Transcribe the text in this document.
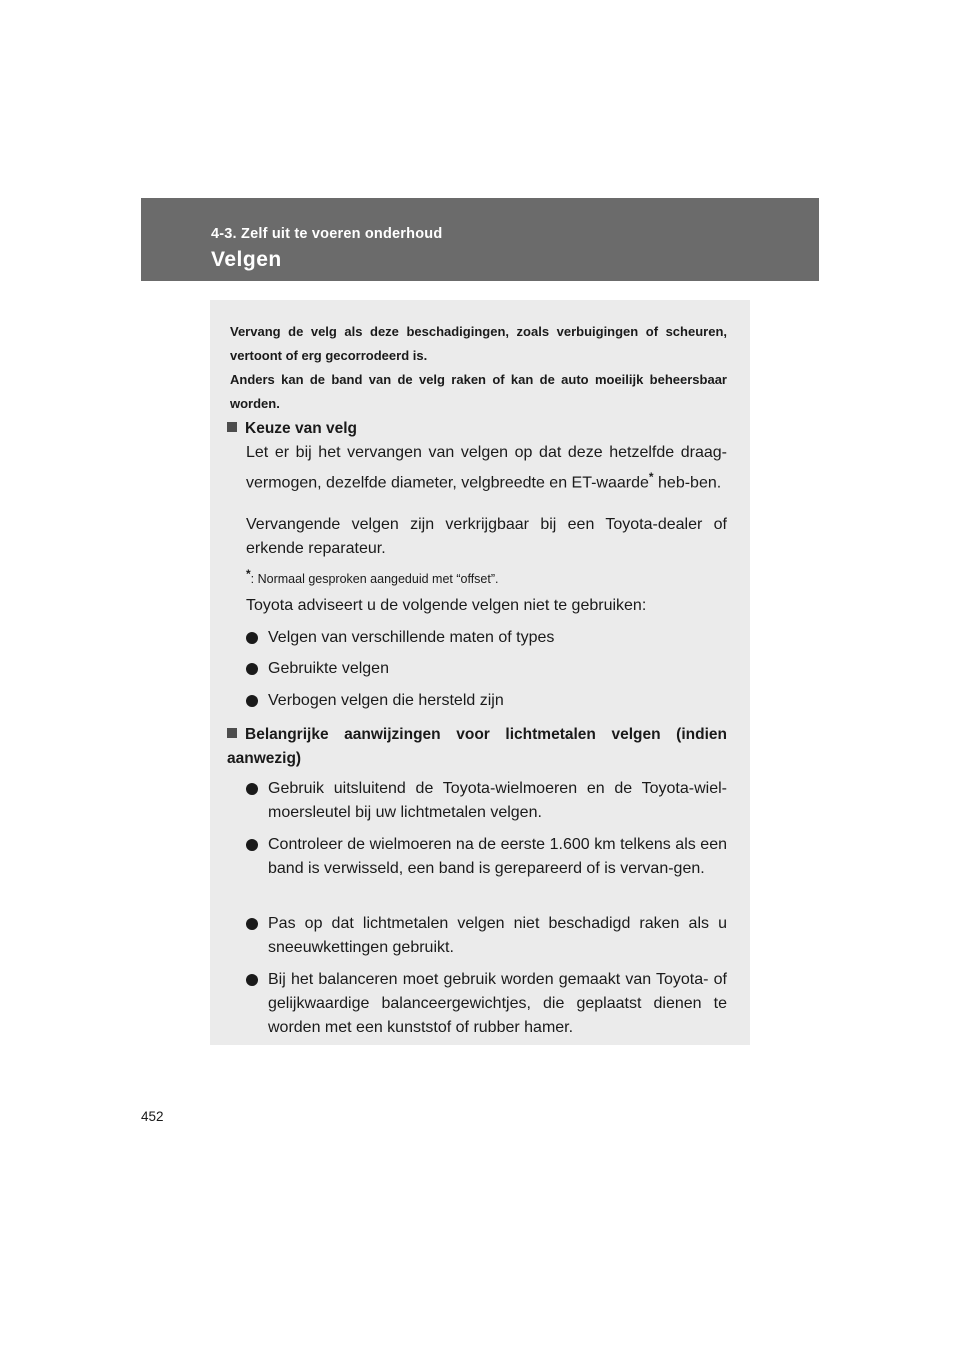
4-3. Zelf uit te voeren onderhoud
Velgen

Vervang de velg als deze beschadigingen, zoals verbuigingen of scheuren, vertoont of erg gecorrodeerd is.

Anders kan de band van de velg raken of kan de auto moeilijk beheersbaar worden.

Keuze van velg
Let er bij het vervangen van velgen op dat deze hetzelfde draag-vermogen, dezelfde diameter, velgbreedte en ET-waarde* heb-ben.
Vervangende velgen zijn verkrijgbaar bij een Toyota-dealer of erkende reparateur.
*: Normaal gesproken aangeduid met “offset”.
Toyota adviseert u de volgende velgen niet te gebruiken:
Velgen van verschillende maten of types
Gebruikte velgen
Verbogen velgen die hersteld zijn
Belangrijke aanwijzingen voor lichtmetalen velgen (indien aanwezig)
Gebruik uitsluitend de Toyota-wielmoeren en de Toyota-wiel-moersleutel bij uw lichtmetalen velgen.
Controleer de wielmoeren na de eerste 1.600 km telkens als een band is verwisseld, een band is gerepareerd of is vervan-gen.
Pas op dat lichtmetalen velgen niet beschadigd raken als u sneeuwkettingen gebruikt.
Bij het balanceren moet gebruik worden gemaakt van Toyota- of gelijkwaardige balanceergewichtjes, die geplaatst dienen te worden met een kunststof of rubber hamer.
452
